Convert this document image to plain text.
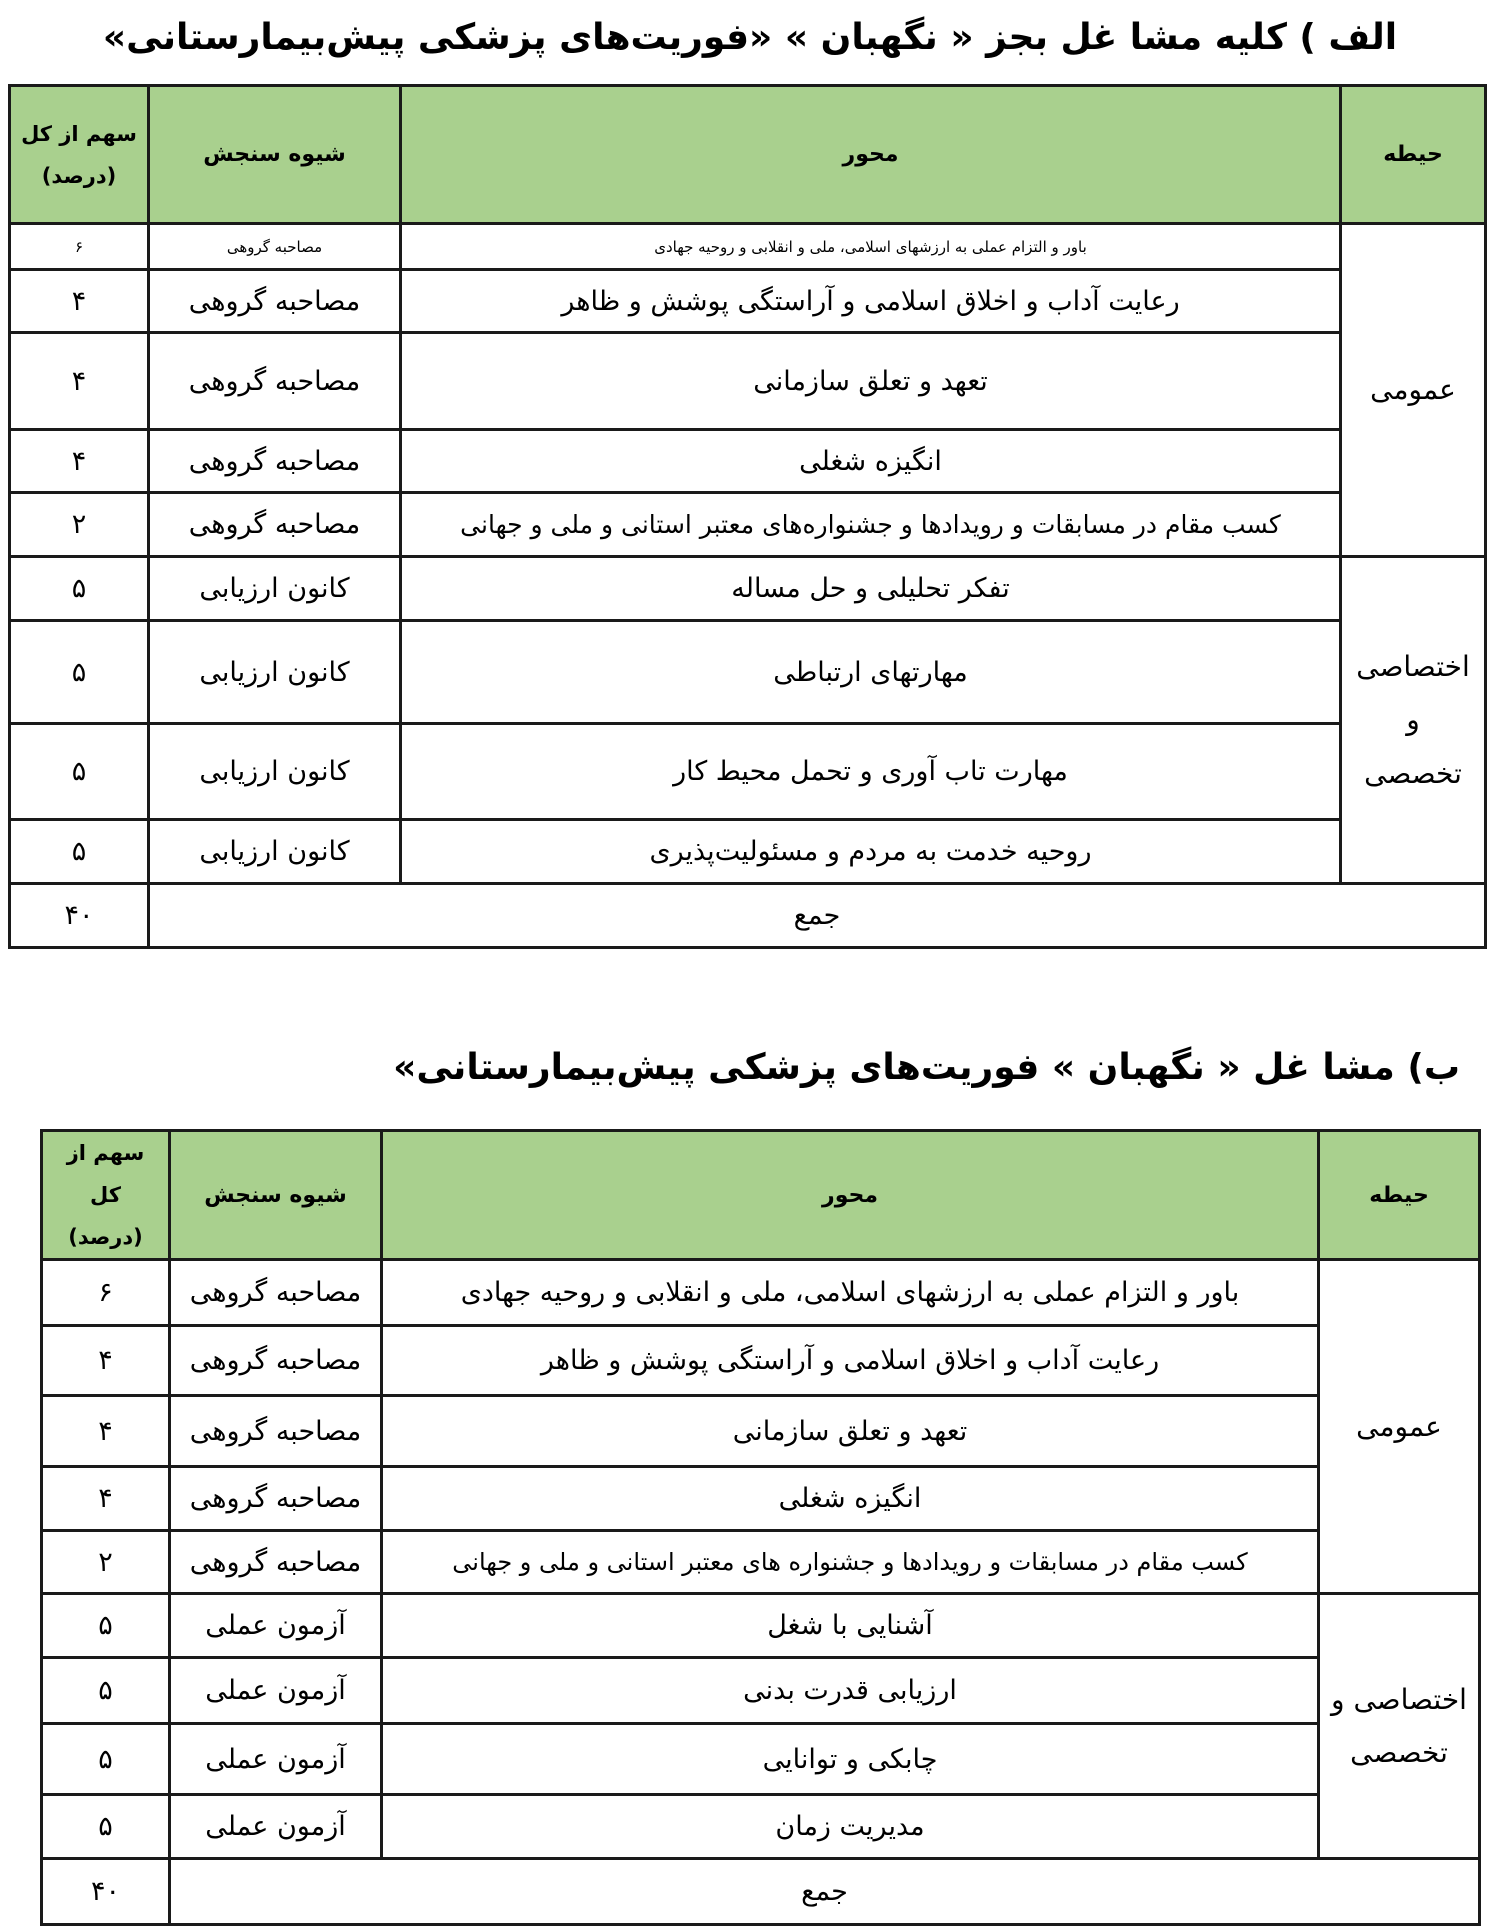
الف ) کلیه مشا غل بجز « نگهبان » «فوریت‌های پزشکی پیش‌بیمارستانی»
حیطه	محور	شیوه سنجش	سهم از کل
(درصد)

عمومی	باور و التزام عملی به ارزشهای اسلامی، ملی و انقلابی و روحیه جهادی	مصاحبه گروهی	۶
	رعایت آداب و اخلاق اسلامی و آراستگی پوشش و ظاهر	مصاحبه گروهی	۴
	تعهد و تعلق سازمانی	مصاحبه گروهی	۴
	انگیزه شغلی	مصاحبه گروهی	۴
	کسب مقام در مسابقات و رویدادها و جشنواره‌های معتبر استانی و ملی و جهانی	مصاحبه گروهی	۲

اختصاصی
و
تخصصی	تفکر تحلیلی و حل مساله	کانون ارزیابی	۵
	مهارتهای ارتباطی	کانون ارزیابی	۵
	مهارت تاب آوری و تحمل محیط کار	کانون ارزیابی	۵
	روحیه خدمت به مردم و مسئولیت‌پذیری	کانون ارزیابی	۵
جمع			۴۰
ب) مشا غل « نگهبان » فوریت‌های پزشکی پیش‌بیمارستانی»
حیطه	محور	شیوه سنجش	سهم از کل
(درصد)

عمومی	باور و التزام عملی به ارزشهای اسلامی، ملی و انقلابی و روحیه جهادی	مصاحبه گروهی	۶
	رعایت آداب و اخلاق اسلامی و آراستگی پوشش و ظاهر	مصاحبه گروهی	۴
	تعهد و تعلق سازمانی	مصاحبه گروهی	۴
	انگیزه شغلی	مصاحبه گروهی	۴
	کسب مقام در مسابقات و رویدادها و جشنواره های معتبر استانی و ملی و جهانی	مصاحبه گروهی	۲

اختصاصی و
تخصصی	آشنایی با شغل	آزمون عملی	۵
	ارزیابی قدرت بدنی	آزمون عملی	۵
	چابکی و توانایی	آزمون عملی	۵
	مدیریت زمان	آزمون عملی	۵
جمع			۴۰
